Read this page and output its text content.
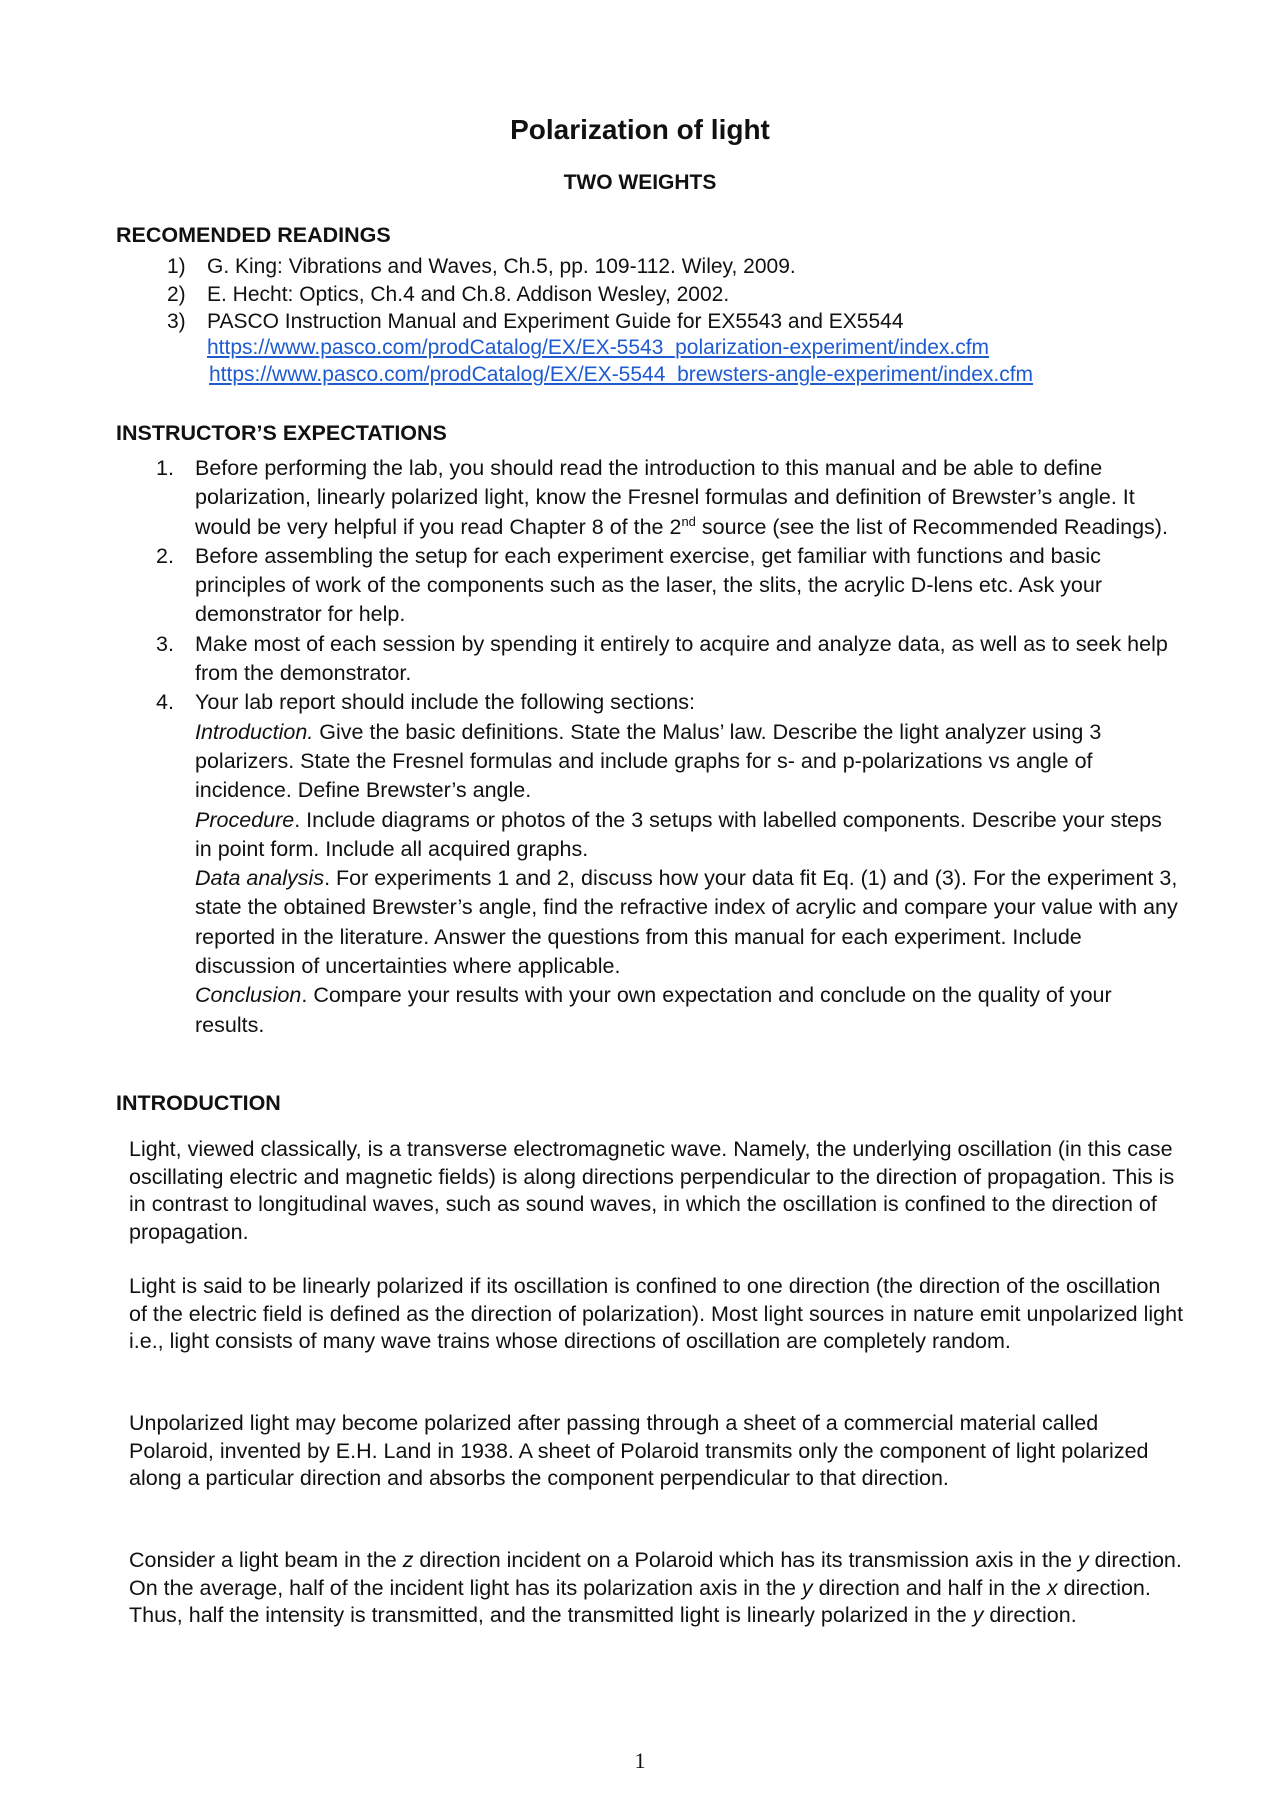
Polarization of light
TWO WEIGHTS
RECOMENDED READINGS
1) G. King: Vibrations and Waves, Ch.5, pp. 109-112. Wiley, 2009.
2) E. Hecht: Optics, Ch.4 and Ch.8. Addison Wesley, 2002.
3) PASCO Instruction Manual and Experiment Guide for EX5543 and EX5544
https://www.pasco.com/prodCatalog/EX/EX-5543_polarization-experiment/index.cfm
https://www.pasco.com/prodCatalog/EX/EX-5544_brewsters-angle-experiment/index.cfm
INSTRUCTOR’S EXPECTATIONS
1. Before performing the lab, you should read the introduction to this manual and be able to define polarization, linearly polarized light, know the Fresnel formulas and definition of Brewster’s angle. It would be very helpful if you read Chapter 8 of the 2nd source (see the list of Recommended Readings).
2. Before assembling the setup for each experiment exercise, get familiar with functions and basic principles of work of the components such as the laser, the slits, the acrylic D-lens etc. Ask your demonstrator for help.
3. Make most of each session by spending it entirely to acquire and analyze data, as well as to seek help from the demonstrator.
4. Your lab report should include the following sections:
Introduction. Give the basic definitions. State the Malus’ law. Describe the light analyzer using 3 polarizers. State the Fresnel formulas and include graphs for s- and p-polarizations vs angle of incidence. Define Brewster’s angle.
Procedure. Include diagrams or photos of the 3 setups with labelled components. Describe your steps in point form. Include all acquired graphs.
Data analysis. For experiments 1 and 2, discuss how your data fit Eq. (1) and (3). For the experiment 3, state the obtained Brewster’s angle, find the refractive index of acrylic and compare your value with any reported in the literature. Answer the questions from this manual for each experiment. Include discussion of uncertainties where applicable.
Conclusion. Compare your results with your own expectation and conclude on the quality of your results.
INTRODUCTION
Light, viewed classically, is a transverse electromagnetic wave. Namely, the underlying oscillation (in this case oscillating electric and magnetic fields) is along directions perpendicular to the direction of propagation. This is in contrast to longitudinal waves, such as sound waves, in which the oscillation is confined to the direction of propagation.
Light is said to be linearly polarized if its oscillation is confined to one direction (the direction of the oscillation of the electric field is defined as the direction of polarization). Most light sources in nature emit unpolarized light i.e., light consists of many wave trains whose directions of oscillation are completely random.
Unpolarized light may become polarized after passing through a sheet of a commercial material called Polaroid, invented by E.H. Land in 1938. A sheet of Polaroid transmits only the component of light polarized along a particular direction and absorbs the component perpendicular to that direction.
Consider a light beam in the z direction incident on a Polaroid which has its transmission axis in the y direction. On the average, half of the incident light has its polarization axis in the y direction and half in the x direction. Thus, half the intensity is transmitted, and the transmitted light is linearly polarized in the y direction.
1
